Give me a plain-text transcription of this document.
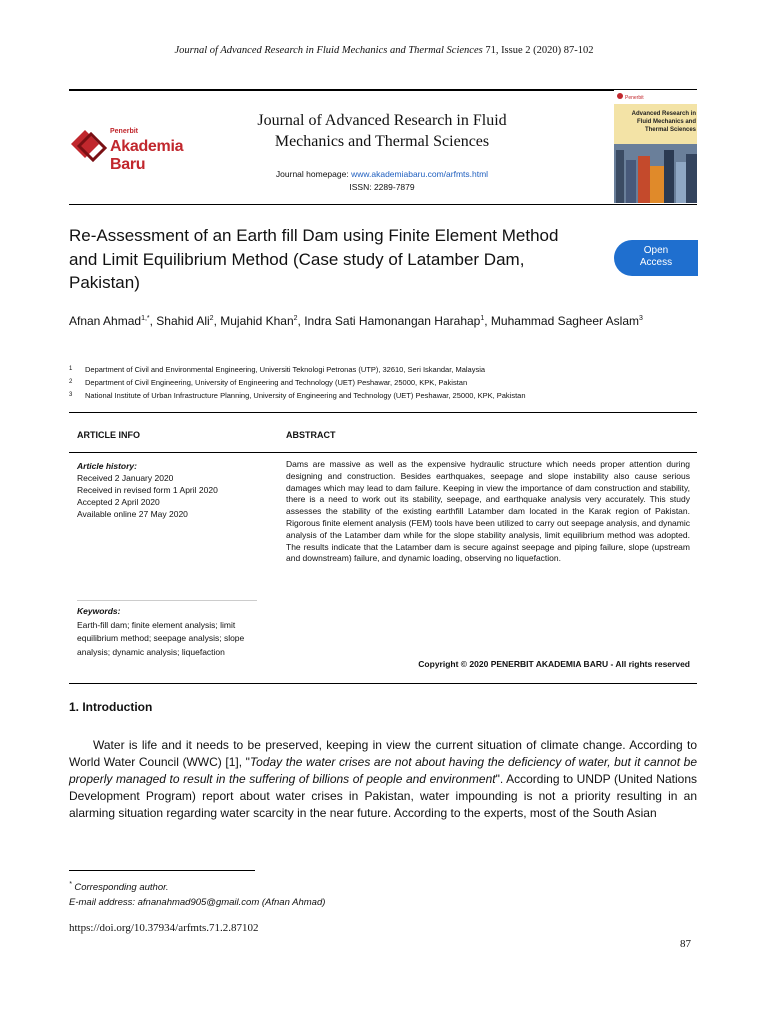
Journal of Advanced Research in Fluid Mechanics and Thermal Sciences 71, Issue 2 (2020) 87-102
Penerbit
Akademia Baru
Journal of Advanced Research in Fluid Mechanics and Thermal Sciences
Journal homepage: www.akademiabaru.com/arfmts.html
ISSN: 2289-7879
Penerbit
Advanced Research in Fluid Mechanics and Thermal Sciences
Re-Assessment of an Earth fill Dam using Finite Element Method and Limit Equilibrium Method (Case study of Latamber Dam, Pakistan)
Open
Access
Afnan Ahmad$^{1,*}$, Shahid Ali$^2$, Mujahid Khan$^2$, Indra Sati Hamonangan Harahap$^1$, Muhammad Sagheer Aslam$^3$
1 Department of Civil and Environmental Engineering, Universiti Teknologi Petronas (UTP), 32610, Seri Iskandar, Malaysia
2 Department of Civil Engineering, University of Engineering and Technology (UET) Peshawar, 25000, KPK, Pakistan
3 National Institute of Urban Infrastructure Planning, University of Engineering and Technology (UET) Peshawar, 25000, KPK, Pakistan
ARTICLE INFO	ABSTRACT
Article history:
Received 2 January 2020
Received in revised form 1 April 2020
Accepted 2 April 2020
Available online 27 May 2020
Keywords:
Earth-fill dam; finite element analysis; limit equilibrium method; seepage analysis; slope analysis; dynamic analysis; liquefaction
Dams are massive as well as the expensive hydraulic structure which needs proper attention during designing and construction. Besides earthquakes, seepage and slope instability also cause serious damages which may lead to dam failure. Keeping in view the importance of dam construction and stability, there is a need to work out its stability, seepage, and earthquake analysis very accurately. This study assesses the stability of the existing earthfill Latamber dam located in the Karak region of Pakistan. Rigorous finite element analysis (FEM) tools have been utilized to carry out seepage analysis, and dynamic analysis of the Latamber dam while for the slope stability analysis, limit equilibrium method was adopted. The results indicate that the Latamber dam is secure against seepage and piping failure, slope (upstream and downstream) failure, and dynamic loading, observing no liquefaction.
Copyright © 2020 PENERBIT AKADEMIA BARU - All rights reserved
1. Introduction
Water is life and it needs to be preserved, keeping in view the current situation of climate change. According to World Water Council (WWC) [1], "Today the water crises are not about having the deficiency of water, but it cannot be properly managed to result in the suffering of billions of people and environment". According to UNDP (United Nations Development Program) report about water crises in Pakistan, water impounding is not a priority resulting in an alarming situation regarding water scarcity in the near future. According to the experts, most of the South Asian
* Corresponding author.
E-mail address: afnanahmad905@gmail.com (Afnan Ahmad)
https://doi.org/10.37934/arfmts.71.2.87102
87
